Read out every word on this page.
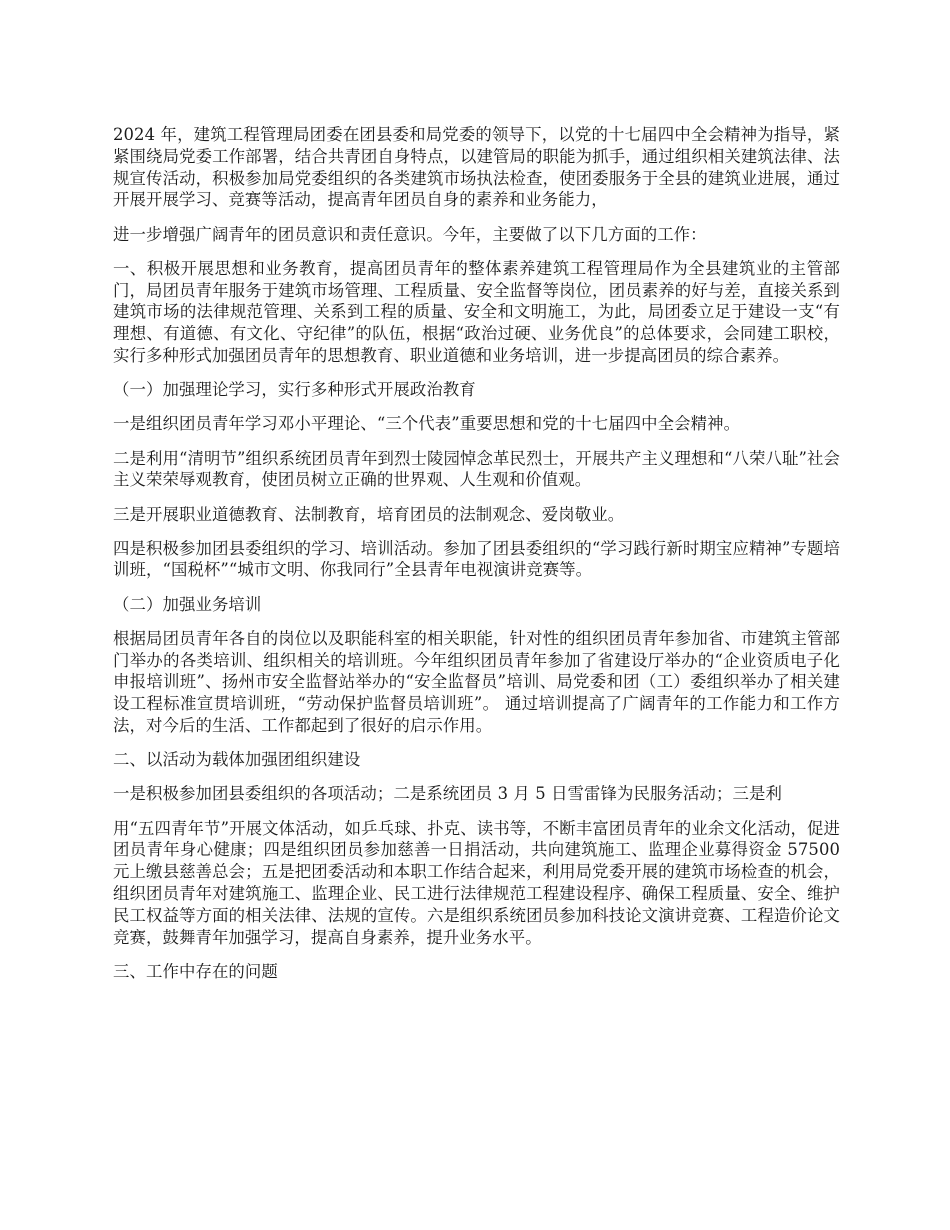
2024 年，建筑工程管理局团委在团县委和局党委的领导下，以党的十七届四中全会精神为指导，紧紧围绕局党委工作部署，结合共青团自身特点，以建管局的职能为抓手，通过组织相关建筑法律、法规宣传活动，积极参加局党委组织的各类建筑市场执法检查，使团委服务于全县的建筑业进展，通过开展开展学习、竞赛等活动，提高青年团员自身的素养和业务能力，

进一步增强广阔青年的团员意识和责任意识。今年，主要做了以下几方面的工作：

一、积极开展思想和业务教育，提高团员青年的整体素养建筑工程管理局作为全县建筑业的主管部门，局团员青年服务于建筑市场管理、工程质量、安全监督等岗位，团员素养的好与差，直接关系到建筑市场的法律规范管理、关系到工程的质量、安全和文明施工，为此，局团委立足于建设一支“有理想、有道德、有文化、守纪律”的队伍，根据“政治过硬、业务优良”的总体要求，会同建工职校，实行多种形式加强团员青年的思想教育、职业道德和业务培训，进一步提高团员的综合素养。

（一）加强理论学习，实行多种形式开展政治教育

一是组织团员青年学习邓小平理论、“三个代表”重要思想和党的十七届四中全会精神。

二是利用“清明节”组织系统团员青年到烈士陵园悼念革民烈士，开展共产主义理想和“八荣八耻”社会主义荣荣辱观教育，使团员树立正确的世界观、人生观和价值观。

三是开展职业道德教育、法制教育，培育团员的法制观念、爱岗敬业。

四是积极参加团县委组织的学习、培训活动。参加了团县委组织的“学习践行新时期宝应精神”专题培训班，“国税杯”“城市文明、你我同行”全县青年电视演讲竞赛等。

（二）加强业务培训

根据局团员青年各自的岗位以及职能科室的相关职能，针对性的组织团员青年参加省、市建筑主管部门举办的各类培训、组织相关的培训班。今年组织团员青年参加了省建设厅举办的“企业资质电子化申报培训班”、扬州市安全监督站举办的“安全监督员”培训、局党委和团（工）委组织举办了相关建设工程标准宣贯培训班，“劳动保护监督员培训班”。 通过培训提高了广阔青年的工作能力和工作方法，对今后的生活、工作都起到了很好的启示作用。

二、以活动为载体加强团组织建设

一是积极参加团县委组织的各项活动；二是系统团员 3 月 5 日雪雷锋为民服务活动；三是利

用“五四青年节”开展文体活动，如乒乓球、扑克、读书等，不断丰富团员青年的业余文化活动，促进团员青年身心健康；四是组织团员参加慈善一日捐活动，共向建筑施工、监理企业募得资金 57500 元上缴县慈善总会；五是把团委活动和本职工作结合起来，利用局党委开展的建筑市场检查的机会，组织团员青年对建筑施工、监理企业、民工进行法律规范工程建设程序、确保工程质量、安全、维护民工权益等方面的相关法律、法规的宣传。六是组织系统团员参加科技论文演讲竞赛、工程造价论文竞赛，鼓舞青年加强学习，提高自身素养，提升业务水平。

三、工作中存在的问题
